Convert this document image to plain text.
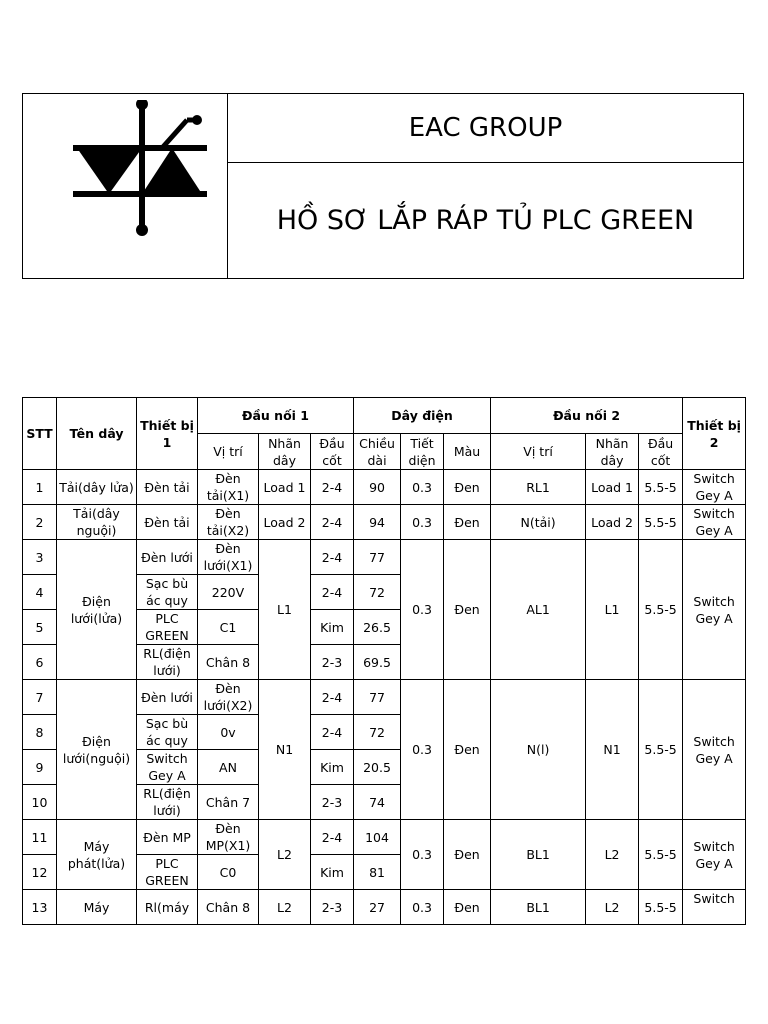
EAC GROUP
HỒ SƠ LẮP RÁP TỦ PLC GREEN
STT	Tên dây	Thiết bị 1	Đầu nối 1			Dây điện			Đầu nối 2			Thiết bị 2
			Vị trí	Nhãn dây	Đầu cốt	Chiều dài	Tiết diện	Màu	Vị trí	Nhãn dây	Đầu cốt	
1	Tải(dây lửa)	Đèn tải	Đèn tải(X1)	Load 1	2-4	90	0.3	Đen	RL1	Load 1	5.5-5	Switch Gey A
2	Tải(dây nguội)	Đèn tải	Đèn tải(X2)	Load 2	2-4	94	0.3	Đen	N(tải)	Load 2	5.5-5	Switch Gey A
3	Điện lưới(lửa)	Đèn lưới	Đèn lưới(X1)	L1	2-4	77	0.3	Đen	AL1	L1	5.5-5	Switch Gey A
4		Sạc bù ác quy	220V		2-4	72						
5		PLC GREEN	C1		Kim	26.5						
6		RL(điện lưới)	Chân 8		2-3	69.5						
7	Điện lưới(nguội)	Đèn lưới	Đèn lưới(X2)	N1	2-4	77	0.3	Đen	N(l)	N1	5.5-5	Switch Gey A
8		Sạc bù ác quy	0v		2-4	72						
9		Switch Gey A	AN		Kim	20.5						
10		RL(điện lưới)	Chân 7		2-3	74						
11	Máy phát(lửa)	Đèn MP	Đèn MP(X1)	L2	2-4	104	0.3	Đen	BL1	L2	5.5-5	Switch Gey A
12		PLC GREEN	C0		Kim	81						
13	Máy	Rl(máy	Chân 8	L2	2-3	27	0.3	Đen	BL1	L2	5.5-5	Switch
